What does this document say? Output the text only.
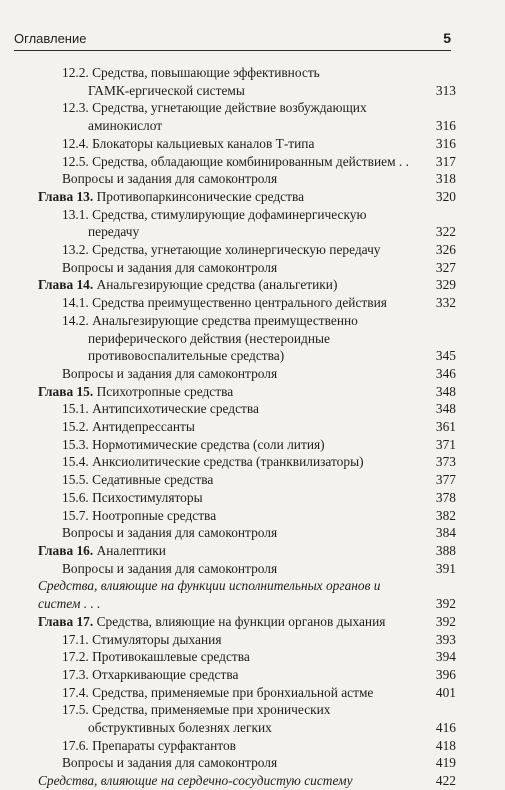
Оглавление	5
12.2. Средства, повышающие эффективность
ГАМК-ергической системы	313
12.3. Средства, угнетающие действие возбуждающих
аминокислот	316
12.4. Блокаторы кальциевых каналов Т-типа	316
12.5. Средства, обладающие комбинированным действием . .	317
Вопросы и задания для самоконтроля	318
Глава 13. Противопаркинсонические средства	320
13.1. Средства, стимулирующие дофаминергическую
передачу	322
13.2. Средства, угнетающие холинергическую передачу	326
Вопросы и задания для самоконтроля	327
Глава 14. Анальгезирующие средства (анальгетики)	329
14.1. Средства преимущественно центрального действия	332
14.2. Анальгезирующие средства преимущественно
периферического действия (нестероидные
противовоспалительные средства)	345
Вопросы и задания для самоконтроля	346
Глава 15. Психотропные средства	348
15.1. Антипсихотические средства	348
15.2. Антидепрессанты	361
15.3. Нормотимические средства (соли лития)	371
15.4. Анксиолитические средства (транквилизаторы)	373
15.5. Седативные средства	377
15.6. Психостимуляторы	378
15.7. Ноотропные средства	382
Вопросы и задания для самоконтроля	384
Глава 16. Аналептики	388
Вопросы и задания для самоконтроля	391
Средства, влияющие на функции исполнительных органов и систем . . .	392
Глава 17. Средства, влияющие на функции органов дыхания	392
17.1. Стимуляторы дыхания	393
17.2. Противокашлевые средства	394
17.3. Отхаркивающие средства	396
17.4. Средства, применяемые при бронхиальной астме	401
17.5. Средства, применяемые при хронических
обструктивных болезнях легких	416
17.6. Препараты сурфактантов	418
Вопросы и задания для самоконтроля	419
Средства, влияющие на сердечно-сосудистую систему	422
